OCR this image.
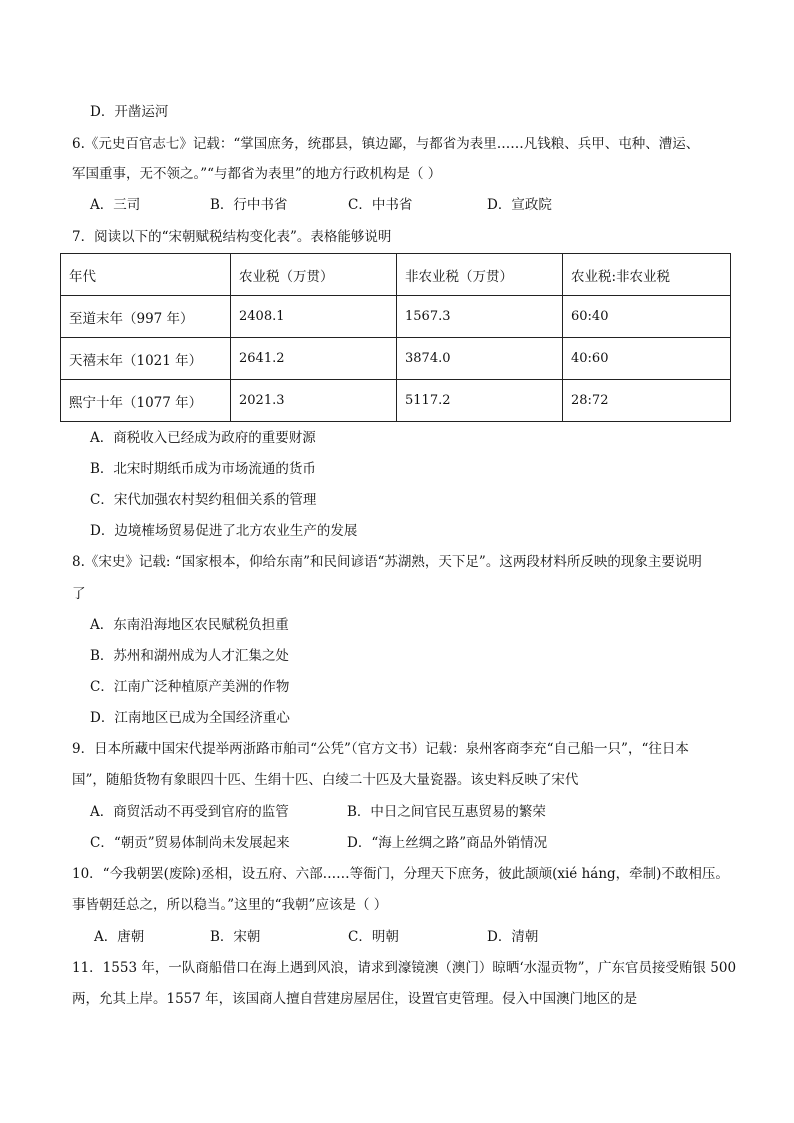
D．开凿运河
6.《元史百官志七》记载：“掌国庶务，统郡县，镇边鄙，与都省为表里……凡钱粮、兵甲、屯种、漕运、
军国重事，无不领之。”“与都省为表里”的地方行政机构是（ ）
A．三司	B．行中书省	C．中书省	D．宣政院
7．阅读以下的“宋朝赋税结构变化表”。表格能够说明
年代	农业税（万贯）	非农业税（万贯）	农业税:非农业税
至道末年（997 年）	2408.1	1567.3	60:40
天禧末年（1021 年）	2641.2	3874.0	40:60
熙宁十年（1077 年）	2021.3	5117.2	28:72
A．商税收入已经成为政府的重要财源
B．北宋时期纸币成为市场流通的货币
C．宋代加强农村契约租佃关系的管理
D．边境榷场贸易促进了北方农业生产的发展
8.《宋史》记载: “国家根本，仰给东南”和民间谚语“苏湖熟，天下足”。这两段材料所反映的现象主要说明
了
A．东南沿海地区农民赋税负担重
B．苏州和湖州成为人才汇集之处
C．江南广泛种植原产美洲的作物
D．江南地区已成为全国经济重心
9．日本所藏中国宋代提举两浙路市舶司“公凭”（官方文书）记载：泉州客商李充“自己船一只”，“往日本
国”，随船货物有象眼四十匹、生绢十匹、白绫二十匹及大量瓷器。该史料反映了宋代
A．商贸活动不再受到官府的监管	B．中日之间官民互惠贸易的繁荣
C．“朝贡”贸易体制尚未发展起来	D．“海上丝绸之路”商品外销情况
10．“今我朝罢(废除)丞相，设五府、六部……等衙门，分理天下庶务，彼此颉颃(xié háng，牵制)不敢相压。
事皆朝廷总之，所以稳当。”这里的“我朝”应该是（ ）
A．唐朝	B．宋朝	C．明朝	D．清朝
11．1553 年，一队商船借口在海上遇到风浪，请求到濠镜澳（澳门）晾晒‘水湿贡物”，广东官员接受贿银 500
两，允其上岸。1557 年，该国商人擅自营建房屋居住，设置官吏管理。侵入中国澳门地区的是
